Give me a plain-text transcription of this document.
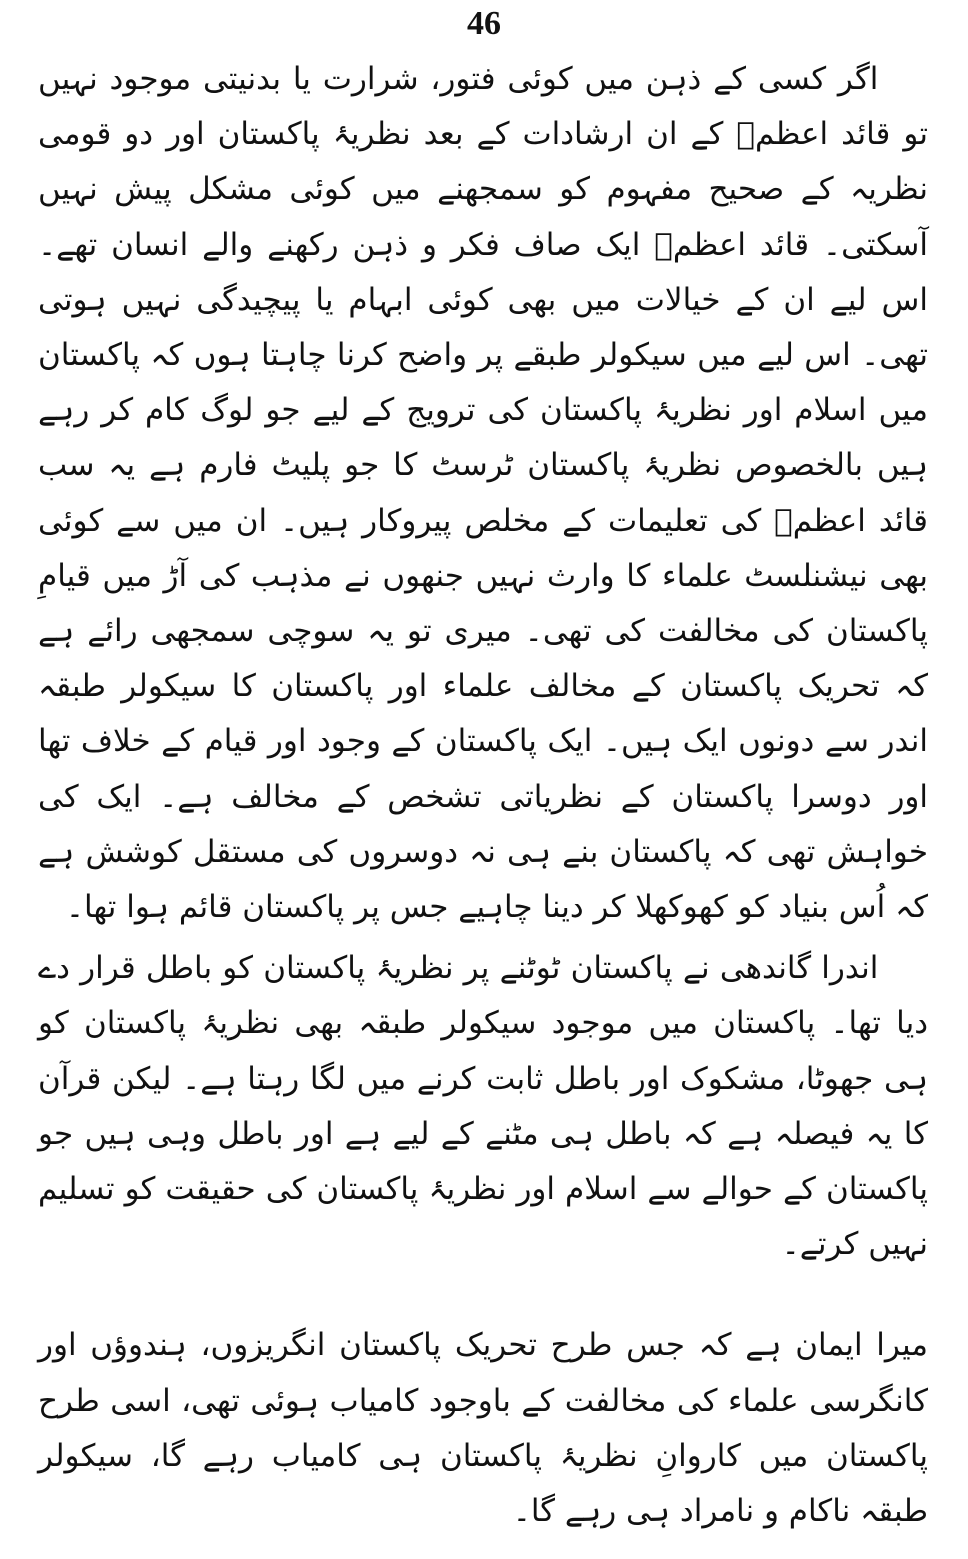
46

اگر کسی کے ذہن میں کوئی فتور، شرارت یا بدنیتی موجود نہیں تو قائد اعظمؒ کے ان ارشادات کے بعد نظریۂ پاکستان اور دو قومی نظریہ کے صحیح مفہوم کو سمجھنے میں کوئی مشکل پیش نہیں آسکتی۔ قائد اعظمؒ ایک صاف فکر و ذہن رکھنے والے انسان تھے۔ اس لیے ان کے خیالات میں بھی کوئی ابہام یا پیچیدگی نہیں ہوتی تھی۔ اس لیے میں سیکولر طبقے پر واضح کرنا چاہتا ہوں کہ پاکستان میں اسلام اور نظریۂ پاکستان کی ترویج کے لیے جو لوگ کام کر رہے ہیں بالخصوص نظریۂ پاکستان ٹرسٹ کا جو پلیٹ فارم ہے یہ سب قائد اعظمؒ کی تعلیمات کے مخلص پیروکار ہیں۔ ان میں سے کوئی بھی نیشنلسٹ علماء کا وارث نہیں جنھوں نے مذہب کی آڑ میں قیامِ پاکستان کی مخالفت کی تھی۔ میری تو یہ سوچی سمجھی رائے ہے کہ تحریک پاکستان کے مخالف علماء اور پاکستان کا سیکولر طبقہ اندر سے دونوں ایک ہیں۔ ایک پاکستان کے وجود اور قیام کے خلاف تھا اور دوسرا پاکستان کے نظریاتی تشخص کے مخالف ہے۔ ایک کی خواہش تھی کہ پاکستان بنے ہی نہ دوسروں کی مستقل کوشش ہے کہ اُس بنیاد کو کھوکھلا کر دینا چاہیے جس پر پاکستان قائم ہوا تھا۔

اندرا گاندھی نے پاکستان ٹوٹنے پر نظریۂ پاکستان کو باطل قرار دے دیا تھا۔ پاکستان میں موجود سیکولر طبقہ بھی نظریۂ پاکستان کو ہی جھوٹا، مشکوک اور باطل ثابت کرنے میں لگا رہتا ہے۔ لیکن قرآن کا یہ فیصلہ ہے کہ باطل ہی مٹنے کے لیے ہے اور باطل وہی ہیں جو پاکستان کے حوالے سے اسلام اور نظریۂ پاکستان کی حقیقت کو تسلیم نہیں کرتے۔

میرا ایمان ہے کہ جس طرح تحریک پاکستان انگریزوں، ہندوؤں اور کانگرسی علماء کی مخالفت کے باوجود کامیاب ہوئی تھی، اسی طرح پاکستان میں کاروانِ نظریۂ پاکستان ہی کامیاب رہے گا، سیکولر طبقہ ناکام و نامراد ہی رہے گا۔
